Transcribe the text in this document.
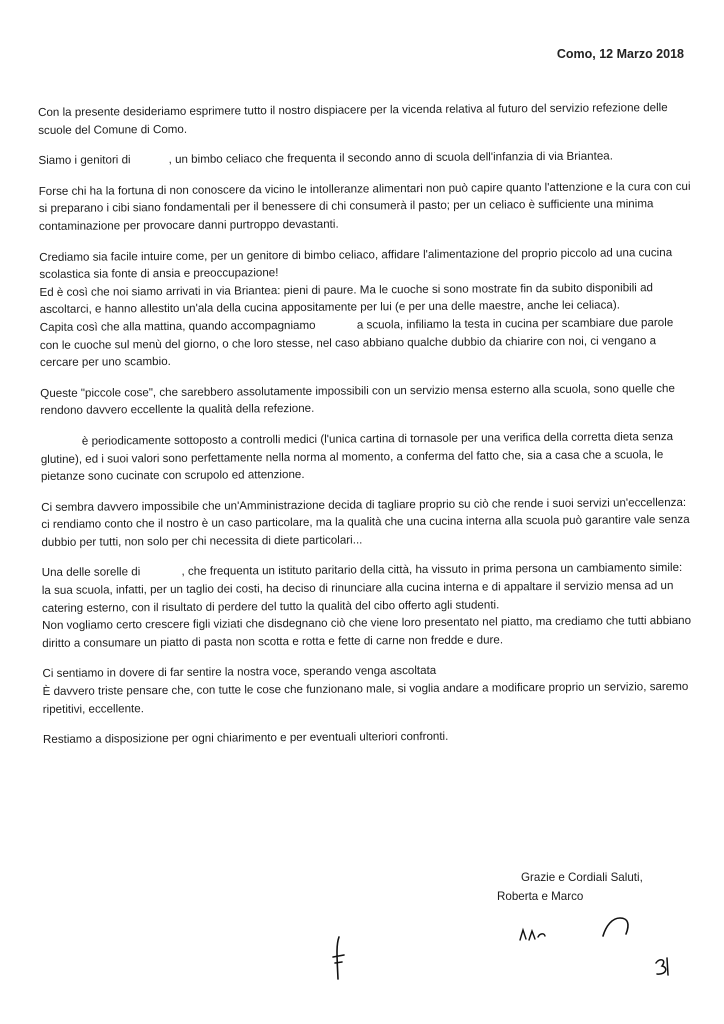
Como, 12 Marzo 2018

Con la presente desideriamo esprimere tutto il nostro dispiacere per la vicenda relativa al futuro del servizio refezione delle scuole del Comune di Como.

Siamo i genitori di	, un bimbo celiaco che frequenta il secondo anno di scuola dell'infanzia di via Briantea.

Forse chi ha la fortuna di non conoscere da vicino le intolleranze alimentari non può capire quanto l'attenzione e la cura con cui si preparano i cibi siano fondamentali per il benessere di chi consumerà il pasto; per un celiaco è sufficiente una minima contaminazione per provocare danni purtroppo devastanti.

Crediamo sia facile intuire come, per un genitore di bimbo celiaco, affidare l'alimentazione del proprio piccolo ad una cucina scolastica sia fonte di ansia e preoccupazione!

Ed è così che noi siamo arrivati in via Briantea: pieni di paure. Ma le cuoche si sono mostrate fin da subito disponibili ad ascoltarci, e hanno allestito un'ala della cucina appositamente per lui (e per una delle maestre, anche lei celiaca).

Capita così che alla mattina, quando accompagniamo	a scuola, infiliamo la testa in cucina per scambiare due parole con le cuoche sul menù del giorno, o che loro stesse, nel caso abbiano qualche dubbio da chiarire con noi, ci vengano a cercare per uno scambio.

Queste "piccole cose", che sarebbero assolutamente impossibili con un servizio mensa esterno alla scuola, sono quelle che rendono davvero eccellente la qualità della refezione.

è periodicamente sottoposto a controlli medici (l'unica cartina di tornasole per una verifica della corretta dieta senza glutine), ed i suoi valori sono perfettamente nella norma al momento, a conferma del fatto che, sia a casa che a scuola, le pietanze sono cucinate con scrupolo ed attenzione.

Ci sembra davvero impossibile che un'Amministrazione decida di tagliare proprio su ciò che rende i suoi servizi un'eccellenza: ci rendiamo conto che il nostro è un caso particolare, ma la qualità che una cucina interna alla scuola può garantire vale senza dubbio per tutti, non solo per chi necessita di diete particolari...

Una delle sorelle di	, che frequenta un istituto paritario della città, ha vissuto in prima persona un cambiamento simile: la sua scuola, infatti, per un taglio dei costi, ha deciso di rinunciare alla cucina interna e di appaltare il servizio mensa ad un catering esterno, con il risultato di perdere del tutto la qualità del cibo offerto agli studenti.

Non vogliamo certo crescere figli viziati che disdegnano ciò che viene loro presentato nel piatto, ma crediamo che tutti abbiano diritto a consumare un piatto di pasta non scotta e rotta e fette di carne non fredde e dure.

Ci sentiamo in dovere di far sentire la nostra voce, sperando venga ascoltata

È davvero triste pensare che, con tutte le cose che funzionano male, si voglia andare a modificare proprio un servizio, saremo ripetitivi, eccellente.

Restiamo a disposizione per ogni chiarimento e per eventuali ulteriori confronti.

Grazie e Cordiali Saluti,
Roberta e Marco
